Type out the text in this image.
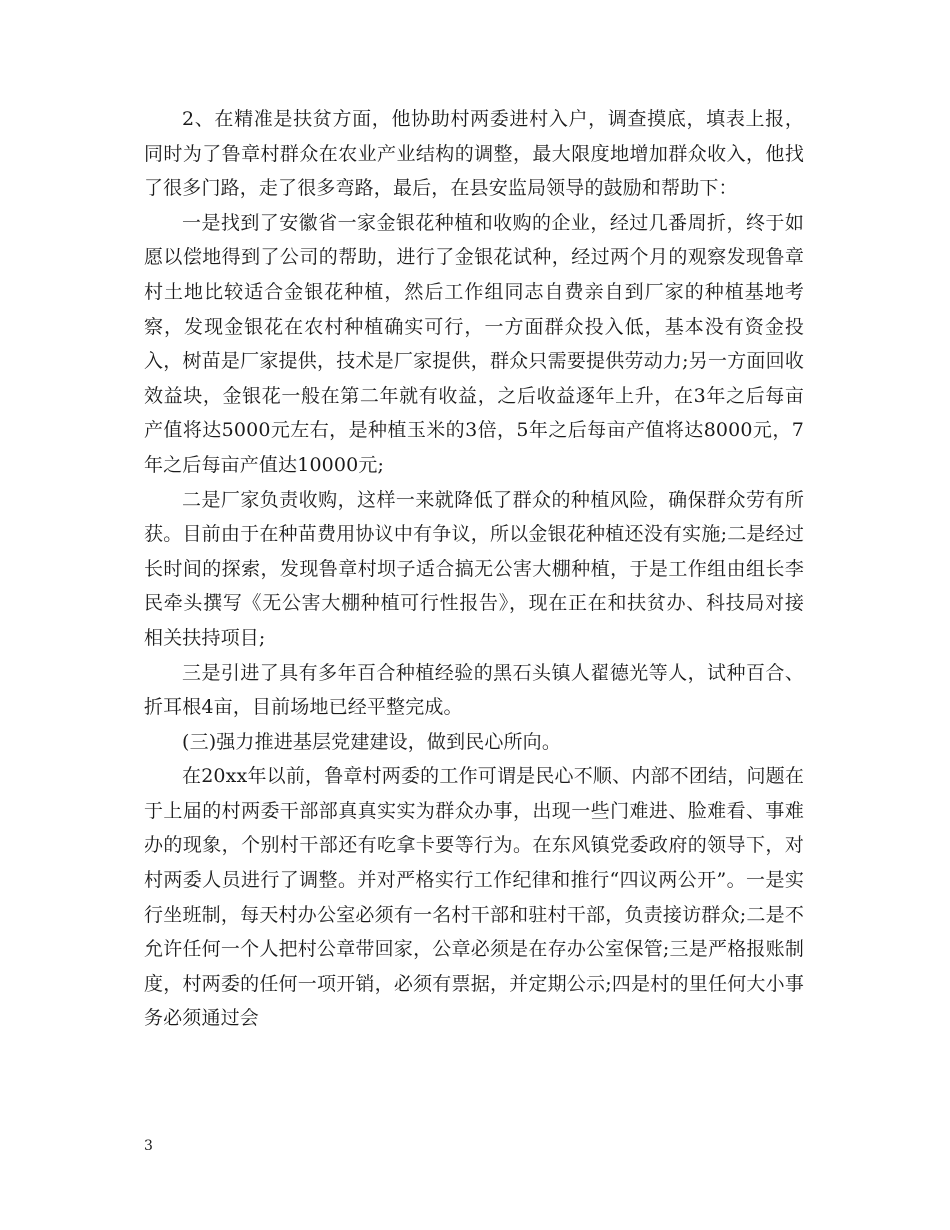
2、在精准是扶贫方面，他协助村两委进村入户，调查摸底，填表上报，同时为了鲁章村群众在农业产业结构的调整，最大限度地增加群众收入，他找了很多门路，走了很多弯路，最后，在县安监局领导的鼓励和帮助下：

一是找到了安徽省一家金银花种植和收购的企业，经过几番周折，终于如愿以偿地得到了公司的帮助，进行了金银花试种，经过两个月的观察发现鲁章村土地比较适合金银花种植，然后工作组同志自费亲自到厂家的种植基地考察，发现金银花在农村种植确实可行，一方面群众投入低，基本没有资金投入，树苗是厂家提供，技术是厂家提供，群众只需要提供劳动力;另一方面回收效益块，金银花一般在第二年就有收益，之后收益逐年上升，在3年之后每亩产值将达5000元左右，是种植玉米的3倍，5年之后每亩产值将达8000元，7年之后每亩产值达10000元;

二是厂家负责收购，这样一来就降低了群众的种植风险，确保群众劳有所获。目前由于在种苗费用协议中有争议，所以金银花种植还没有实施;二是经过长时间的探索，发现鲁章村坝子适合搞无公害大棚种植，于是工作组由组长李民牵头撰写《无公害大棚种植可行性报告》，现在正在和扶贫办、科技局对接相关扶持项目;

三是引进了具有多年百合种植经验的黑石头镇人翟德光等人，试种百合、折耳根4亩，目前场地已经平整完成。

(三)强力推进基层党建建设，做到民心所向。

在20xx年以前，鲁章村两委的工作可谓是民心不顺、内部不团结，问题在于上届的村两委干部部真真实实为群众办事，出现一些门难进、脸难看、事难办的现象，个别村干部还有吃拿卡要等行为。在东风镇党委政府的领导下，对村两委人员进行了调整。并对严格实行工作纪律和推行“四议两公开”。一是实行坐班制，每天村办公室必须有一名村干部和驻村干部，负责接访群众;二是不允许任何一个人把村公章带回家，公章必须是在存办公室保管;三是严格报账制度，村两委的任何一项开销，必须有票据，并定期公示;四是村的里任何大小事务必须通过会

3
